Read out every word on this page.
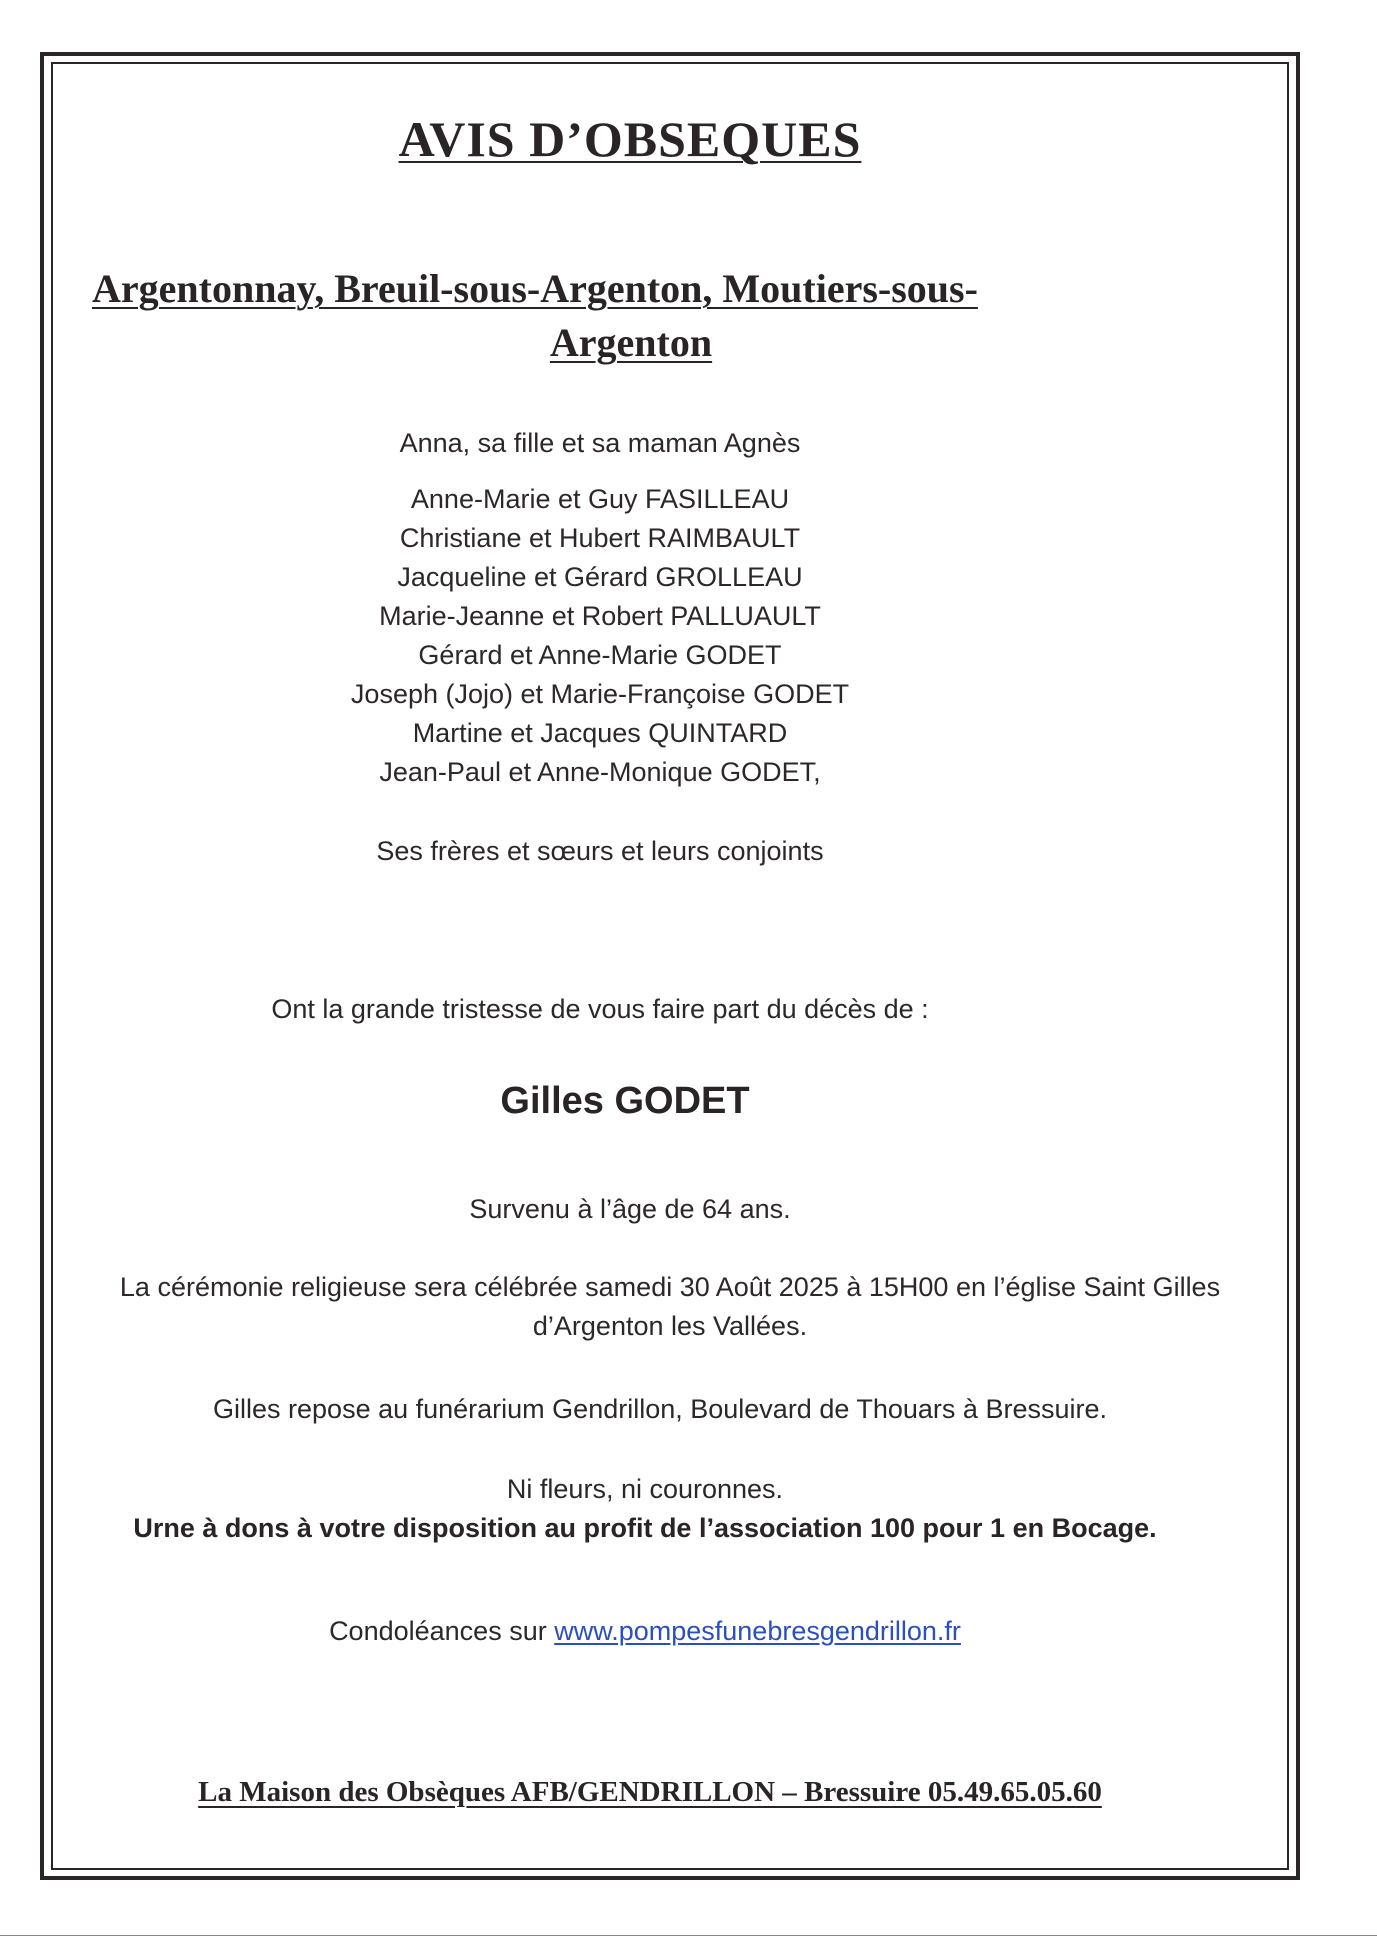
AVIS D’OBSEQUES
Argentonnay, Breuil-sous-Argenton, Moutiers-sous-
Argenton
Anna, sa fille et sa maman Agnès
Anne-Marie et Guy FASILLEAU
Christiane et Hubert RAIMBAULT
Jacqueline et Gérard GROLLEAU
Marie-Jeanne et Robert PALLUAULT
Gérard et Anne-Marie GODET
Joseph (Jojo) et Marie-Françoise GODET
Martine et Jacques QUINTARD
Jean-Paul et Anne-Monique GODET,
Ses frères et sœurs et leurs conjoints
Ont la grande tristesse de vous faire part du décès de :
Gilles GODET
Survenu à l’âge de 64 ans.
La cérémonie religieuse sera célébrée samedi 30 Août 2025 à 15H00 en l’église Saint Gilles
d’Argenton les Vallées.
Gilles repose au funérarium Gendrillon, Boulevard de Thouars à Bressuire.
Ni fleurs, ni couronnes.
Urne à dons à votre disposition au profit de l’association 100 pour 1 en Bocage.
Condoléances sur www.pompesfunebresgendrillon.fr
La Maison des Obsèques AFB/GENDRILLON – Bressuire 05.49.65.05.60
